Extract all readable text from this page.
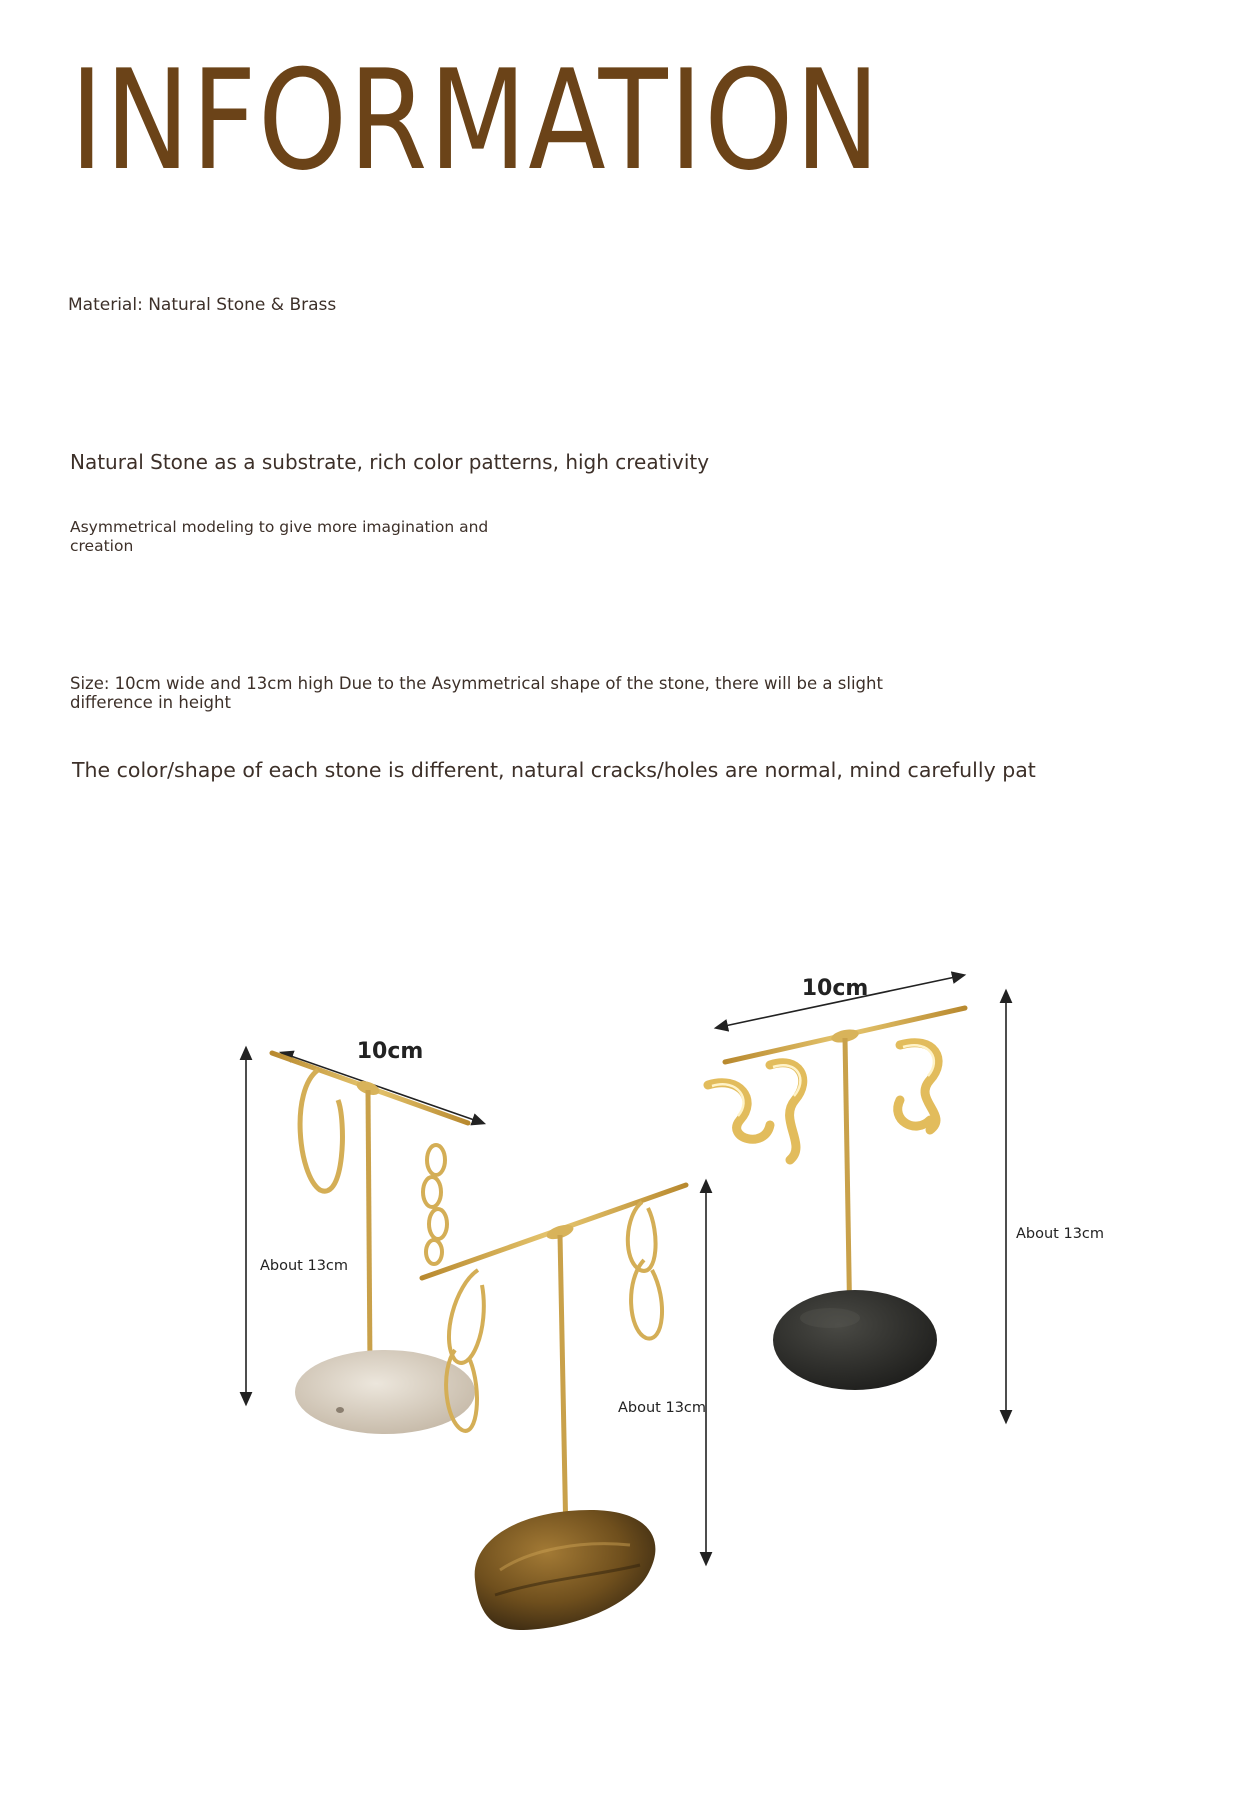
INFORMATION
Material: Natural Stone & Brass
Natural Stone as a substrate, rich color patterns, high creativity
Asymmetrical modeling to give more imagination and creation
Size: 10cm wide and 13cm high Due to the Asymmetrical shape of the stone, there will be a slight difference in height
The color/shape of each stone is different, natural cracks/holes are normal, mind carefully pat
10cm
About 13cm
10cm
About 13cm
About 13cm
